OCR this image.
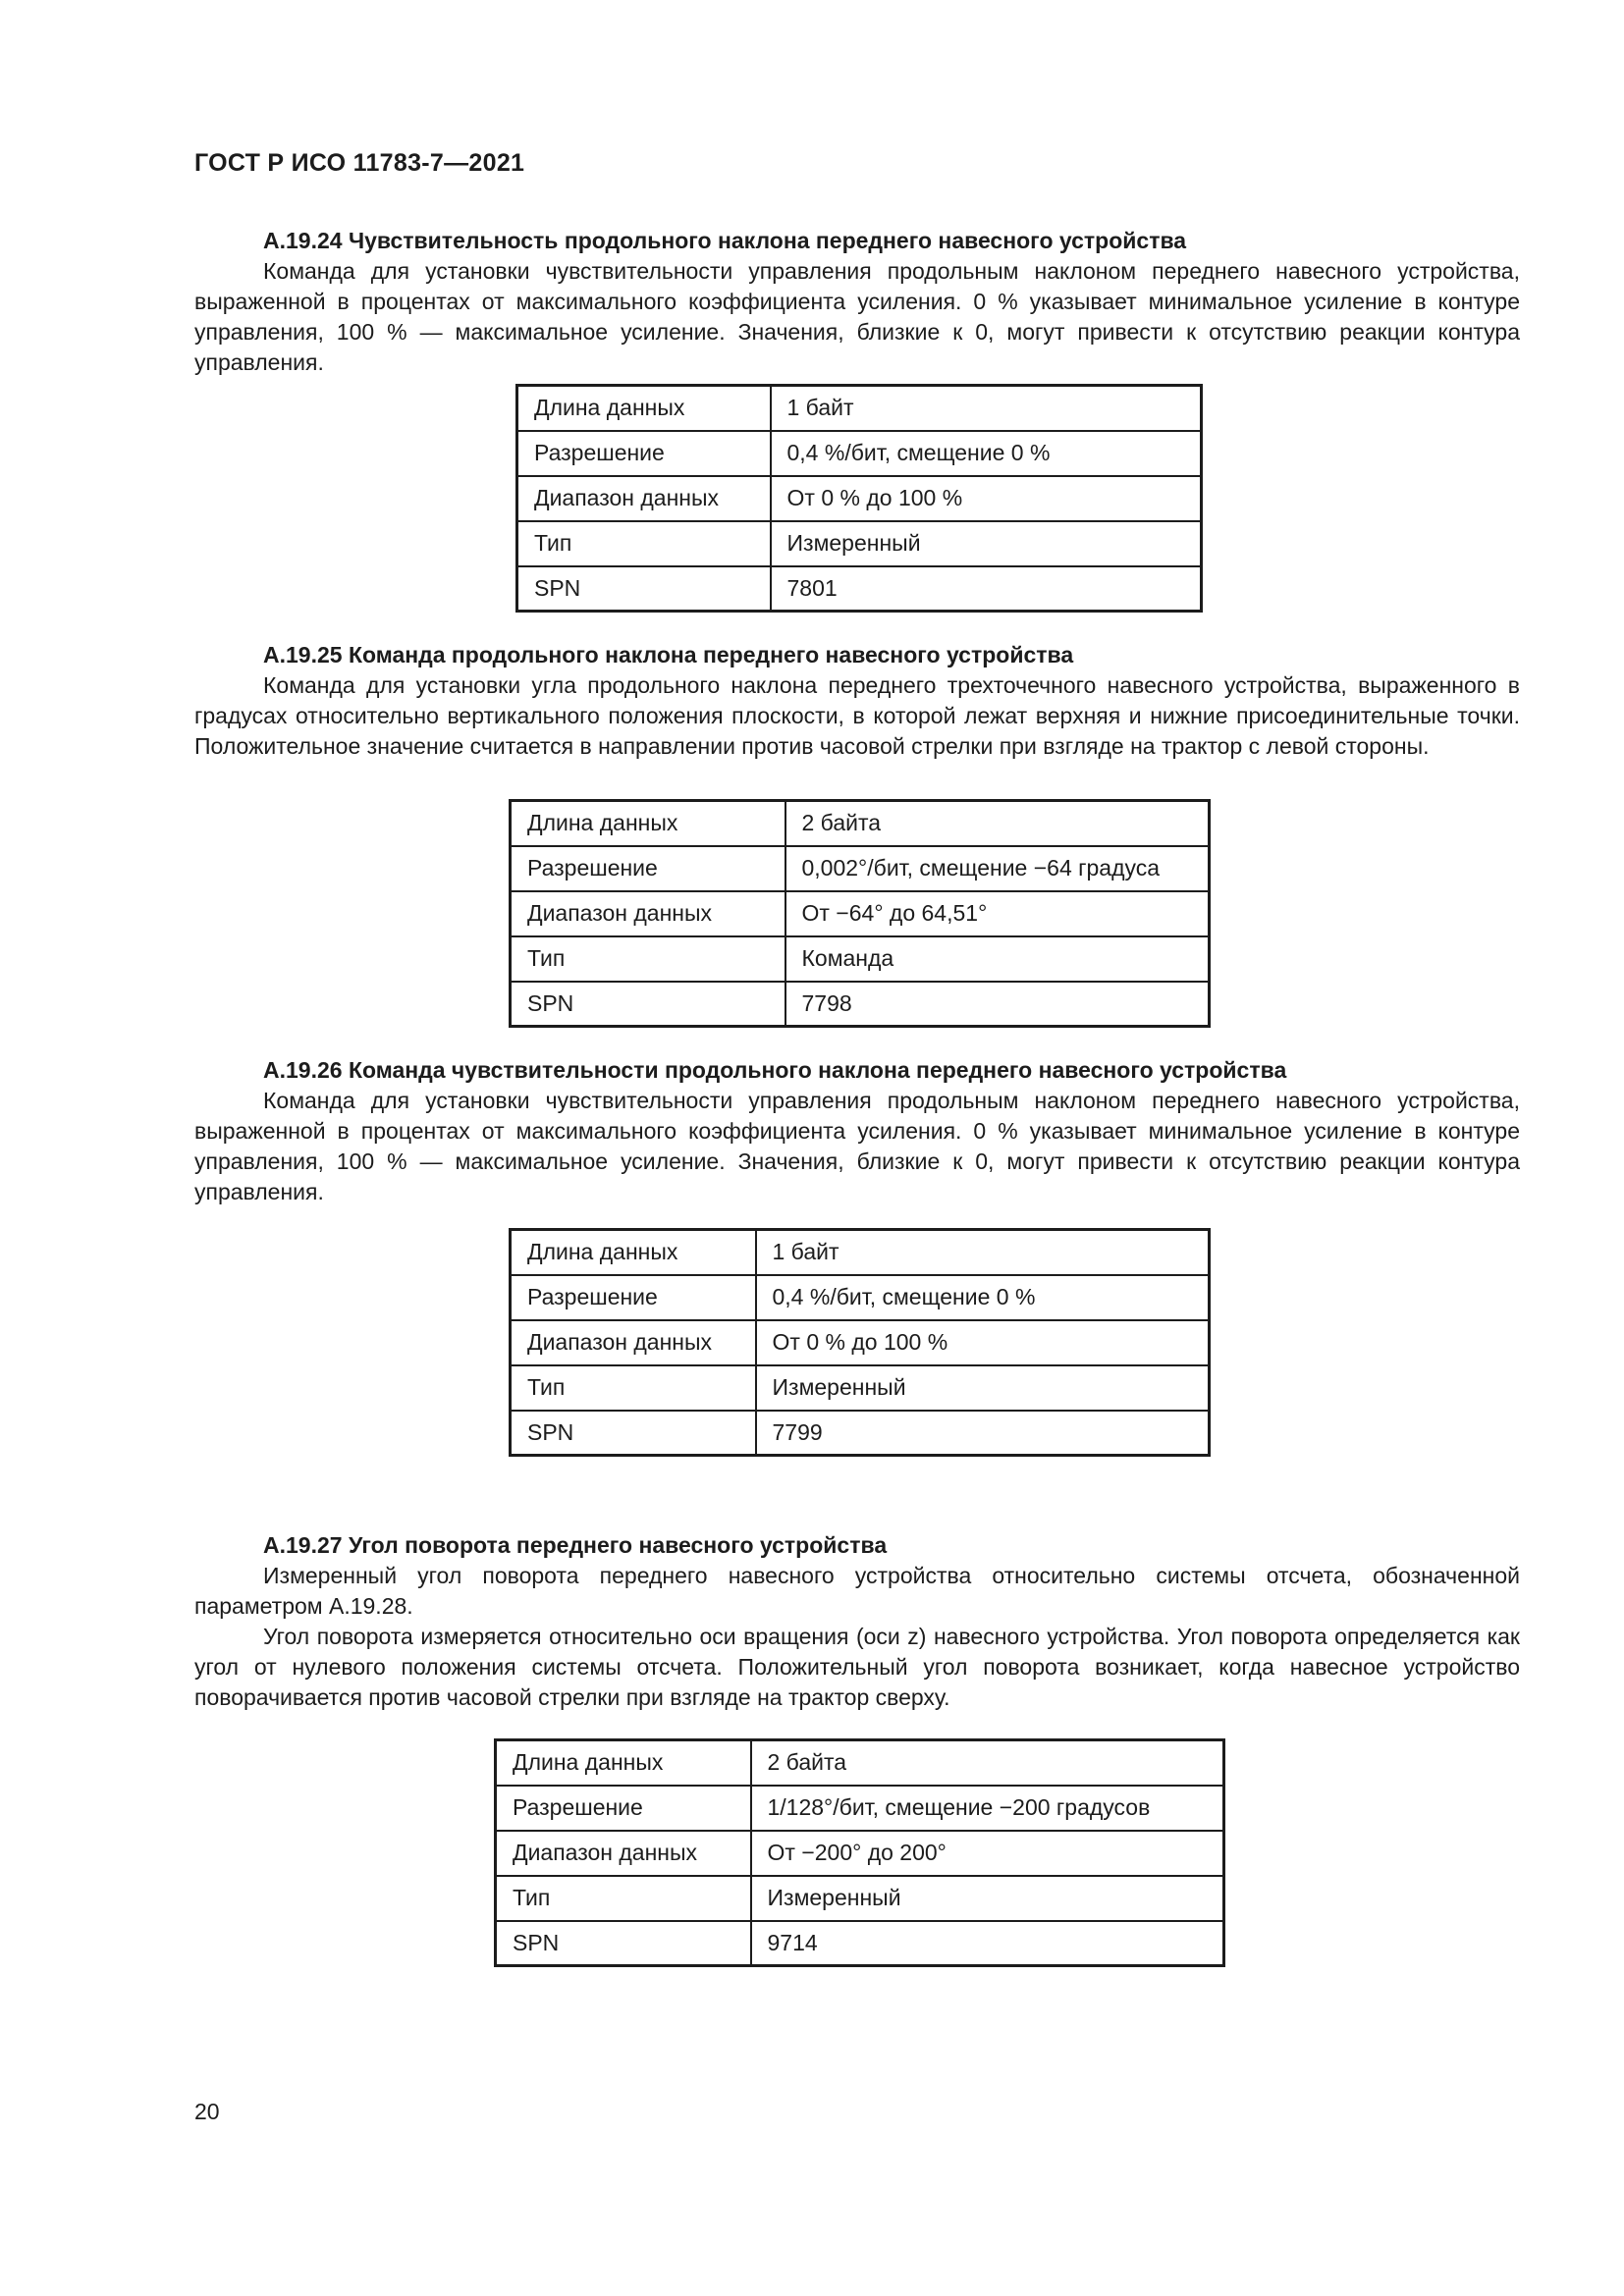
ГОСТ Р ИСО 11783-7—2021
А.19.24 Чувствительность продольного наклона переднего навесного устройства

Команда для установки чувствительности управления продольным наклоном переднего навесного устройства, выраженной в процентах от максимального коэффициента усиления. 0 % указывает минимальное усиление в контуре управления, 100 % — максимальное усиление. Значения, близкие к 0, могут привести к отсутствию реакции контура управления.

Длина данных	1 байт
Разрешение	0,4 %/бит, смещение 0 %
Диапазон данных	От 0 % до 100 %
Тип	Измеренный
SPN	7801
А.19.25 Команда продольного наклона переднего навесного устройства

Команда для установки угла продольного наклона переднего трехточечного навесного устройства, выраженного в градусах относительно вертикального положения плоскости, в которой лежат верхняя и нижние присоединительные точки. Положительное значение считается в направлении против часовой стрелки при взгляде на трактор с левой стороны.

Длина данных	2 байта
Разрешение	0,002°/бит, смещение −64 градуса
Диапазон данных	От −64° до 64,51°
Тип	Команда
SPN	7798
А.19.26 Команда чувствительности продольного наклона переднего навесного устройства

Команда для установки чувствительности управления продольным наклоном переднего навесного устройства, выраженной в процентах от максимального коэффициента усиления. 0 % указывает минимальное усиление в контуре управления, 100 % — максимальное усиление. Значения, близкие к 0, могут привести к отсутствию реакции контура управления.

Длина данных	1 байт
Разрешение	0,4 %/бит, смещение 0 %
Диапазон данных	От 0 % до 100 %
Тип	Измеренный
SPN	7799
А.19.27 Угол поворота переднего навесного устройства

Измеренный угол поворота переднего навесного устройства относительно системы отсчета, обозначенной параметром А.19.28.

Угол поворота измеряется относительно оси вращения (оси z) навесного устройства. Угол поворота определяется как угол от нулевого положения системы отсчета. Положительный угол поворота возникает, когда навесное устройство поворачивается против часовой стрелки при взгляде на трактор сверху.

Длина данных	2 байта
Разрешение	1/128°/бит, смещение −200 градусов
Диапазон данных	От −200° до 200°
Тип	Измеренный
SPN	9714
20
